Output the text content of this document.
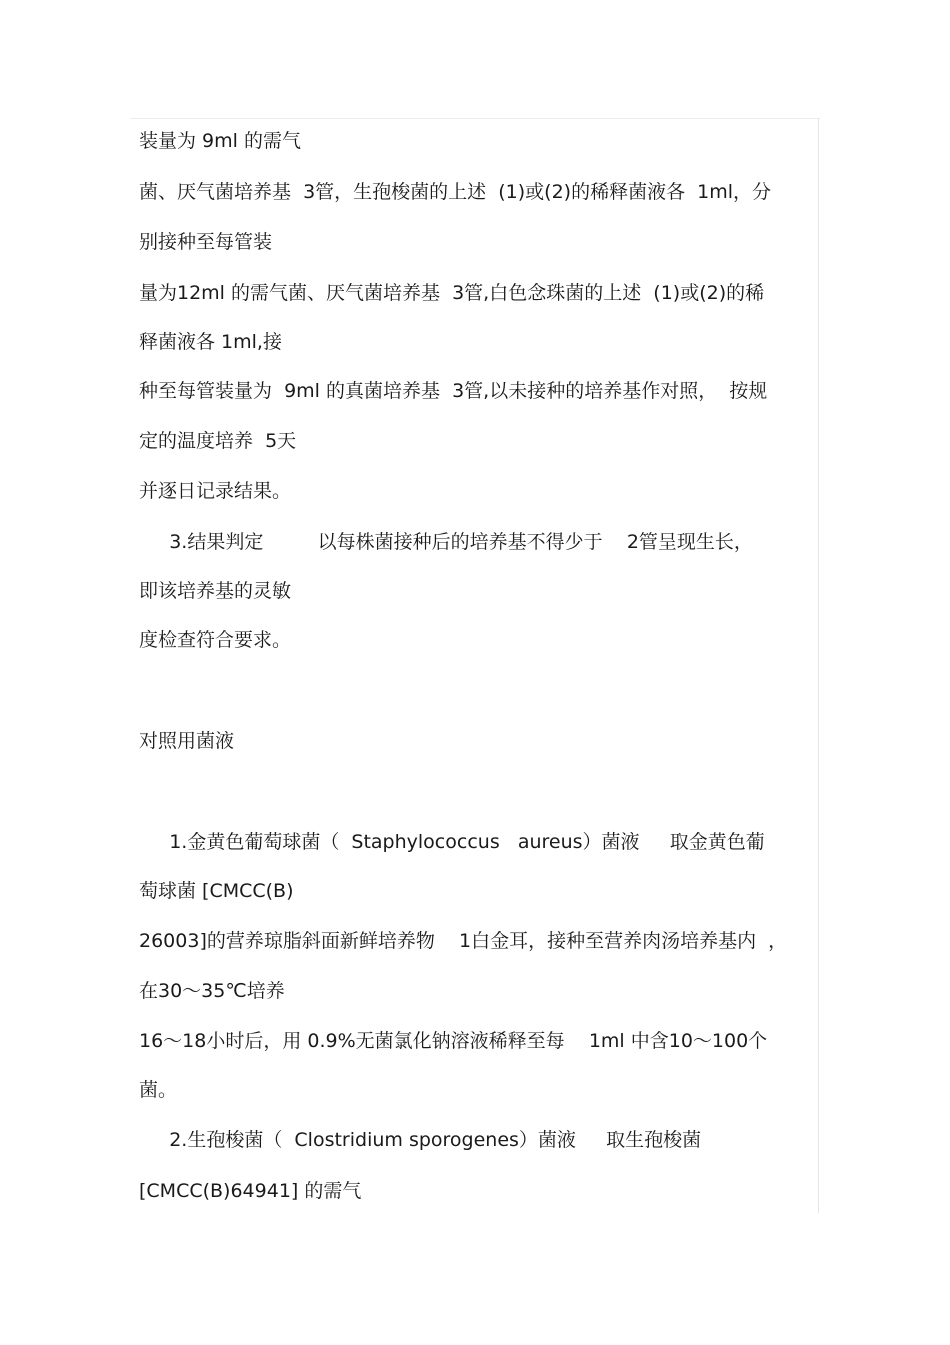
装量为 9ml 的需气
菌、厌气菌培养基  3管，生孢梭菌的上述  (1)或(2)的稀释菌液各  1ml，分
别接种至每管装
量为12ml 的需气菌、厌气菌培养基  3管,白色念珠菌的上述  (1)或(2)的稀
释菌液各 1ml,接
种至每管装量为  9ml 的真菌培养基  3管,以未接种的培养基作对照，  按规
定的温度培养  5天
并逐日记录结果。
3.结果判定         以每株菌接种后的培养基不得少于    2管呈现生长，
即该培养基的灵敏
度检查符合要求。
对照用菌液
1.金黄色葡萄球菌（  Staphylococcus   aureus）菌液     取金黄色葡
萄球菌 [CMCC(B)
26003]的营养琼脂斜面新鲜培养物    1白金耳，接种至营养肉汤培养基内  ，
在30～35℃培养
16～18小时后，用 0.9%无菌氯化钠溶液稀释至每    1ml 中含10～100个
菌。
2.生孢梭菌（  Clostridium sporogenes）菌液     取生孢梭菌
[CMCC(B)64941] 的需气
